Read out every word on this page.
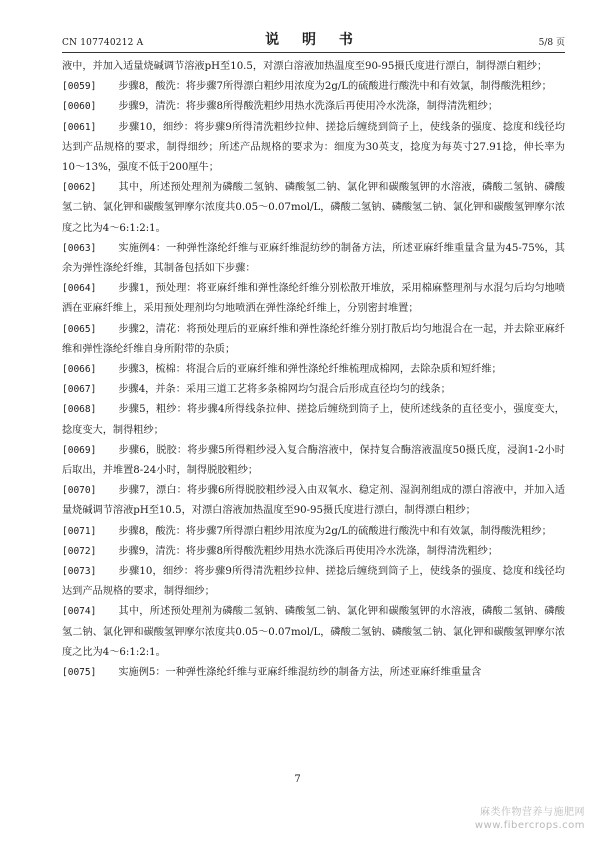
CN 107740212 A	说 明 书	5/8 页

液中，并加入适量烧碱调节溶液pH至10.5，对漂白溶液加热温度至90-95摄氏度进行漂白，制得漂白粗纱；

[0059] 步骤8，酸洗：将步骤7所得漂白粗纱用浓度为2g/L的硫酸进行酸洗中和有效氯，制得酸洗粗纱；

[0060] 步骤9，清洗：将步骤8所得酸洗粗纱用热水洗涤后再使用冷水洗涤，制得清洗粗纱；

[0061] 步骤10，细纱：将步骤9所得清洗粗纱拉伸、搓捻后缠绕到筒子上，使线条的强度、捻度和线径均达到产品规格的要求，制得细纱；所述产品规格的要求为：细度为30英支，捻度为每英寸27.91捻，伸长率为10～13%，强度不低于200厘牛；

[0062] 其中，所述预处理剂为磷酸二氢钠、磷酸氢二钠、氯化钾和碳酸氢钾的水溶液，磷酸二氢钠、磷酸氢二钠、氯化钾和碳酸氢钾摩尔浓度共0.05～0.07mol/L，磷酸二氢钠、磷酸氢二钠、氯化钾和碳酸氢钾摩尔浓度之比为4～6:1:2:1。

[0063] 实施例4：一种弹性涤纶纤维与亚麻纤维混纺纱的制备方法，所述亚麻纤维重量含量为45-75%，其余为弹性涤纶纤维，其制备包括如下步骤：

[0064] 步骤1，预处理：将亚麻纤维和弹性涤纶纤维分别松散开堆放，采用棉麻整理剂与水混匀后均匀地喷洒在亚麻纤维上，采用预处理剂均匀地喷洒在弹性涤纶纤维上，分别密封堆置；

[0065] 步骤2，清花：将预处理后的亚麻纤维和弹性涤纶纤维分别打散后均匀地混合在一起，并去除亚麻纤维和弹性涤纶纤维自身所附带的杂质；

[0066] 步骤3，梳棉：将混合后的亚麻纤维和弹性涤纶纤维梳理成棉网，去除杂质和短纤维；

[0067] 步骤4，并条：采用三道工艺将多条棉网均匀混合后形成直径均匀的线条；

[0068] 步骤5，粗纱：将步骤4所得线条拉伸、搓捻后缠绕到筒子上，使所述线条的直径变小，强度变大，捻度变大，制得粗纱；

[0069] 步骤6，脱胶：将步骤5所得粗纱浸入复合酶溶液中，保持复合酶溶液温度50摄氏度，浸润1-2小时后取出，并堆置8-24小时，制得脱胶粗纱；

[0070] 步骤7，漂白：将步骤6所得脱胶粗纱浸入由双氧水、稳定剂、湿润剂组成的漂白溶液中，并加入适量烧碱调节溶液pH至10.5，对漂白溶液加热温度至90-95摄氏度进行漂白，制得漂白粗纱；

[0071] 步骤8，酸洗：将步骤7所得漂白粗纱用浓度为2g/L的硫酸进行酸洗中和有效氯，制得酸洗粗纱；

[0072] 步骤9，清洗：将步骤8所得酸洗粗纱用热水洗涤后再使用冷水洗涤，制得清洗粗纱；

[0073] 步骤10，细纱：将步骤9所得清洗粗纱拉伸、搓捻后缠绕到筒子上，使线条的强度、捻度和线径均达到产品规格的要求，制得细纱；

[0074] 其中，所述预处理剂为磷酸二氢钠、磷酸氢二钠、氯化钾和碳酸氢钾的水溶液，磷酸二氢钠、磷酸氢二钠、氯化钾和碳酸氢钾摩尔浓度共0.05～0.07mol/L，磷酸二氢钠、磷酸氢二钠、氯化钾和碳酸氢钾摩尔浓度之比为4～6:1:2:1。

[0075] 实施例5：一种弹性涤纶纤维与亚麻纤维混纺纱的制备方法，所述亚麻纤维重量含

7
麻类作物营养与施肥网
www.fibercrops.com
